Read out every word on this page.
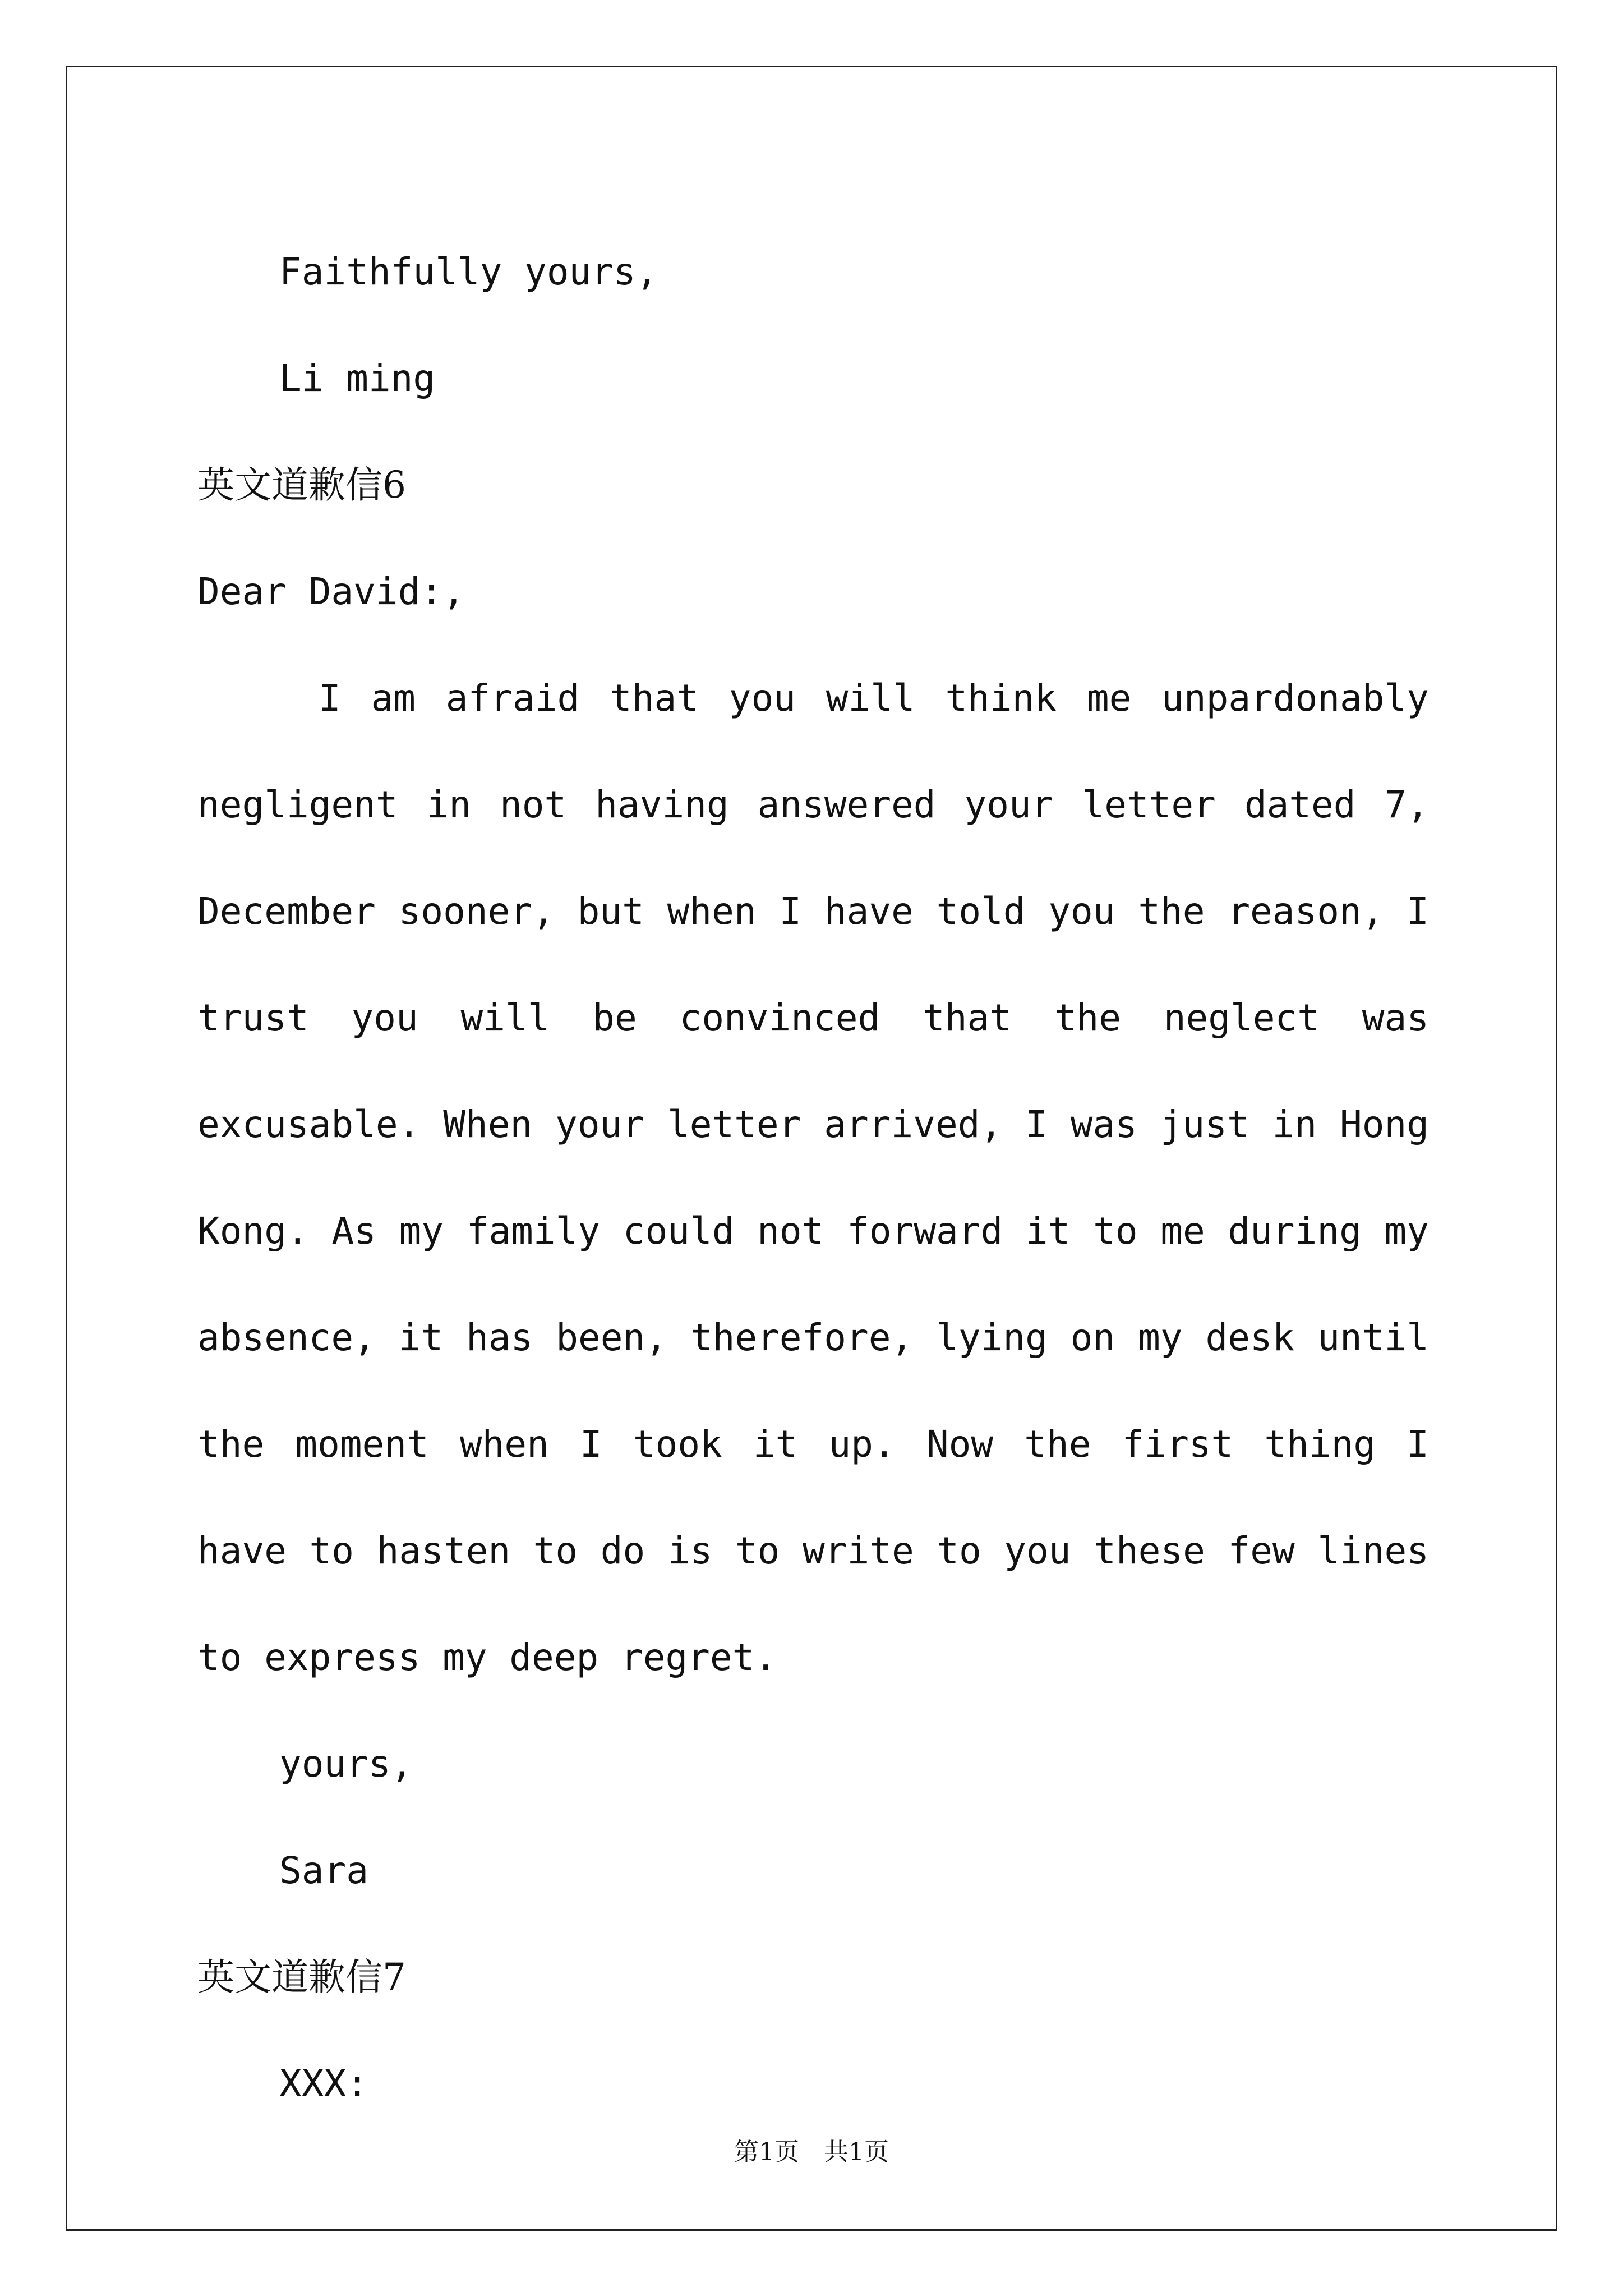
Faithfully yours,
Li ming
英文道歉信6
Dear David:,

I am afraid that you will think me unpardonably negligent in not having answered your letter dated 7, December sooner, but when I have told you the reason, I trust you will be convinced that the neglect was excusable. When your letter arrived, I was just in Hong Kong. As my family could not forward it to me during my absence, it has been, therefore, lying on my desk until the moment when I took it up. Now the first thing I have to hasten to do is to write to you these few lines to express my deep regret.

yours,
Sara
英文道歉信7
XXX:
第1页　共1页
